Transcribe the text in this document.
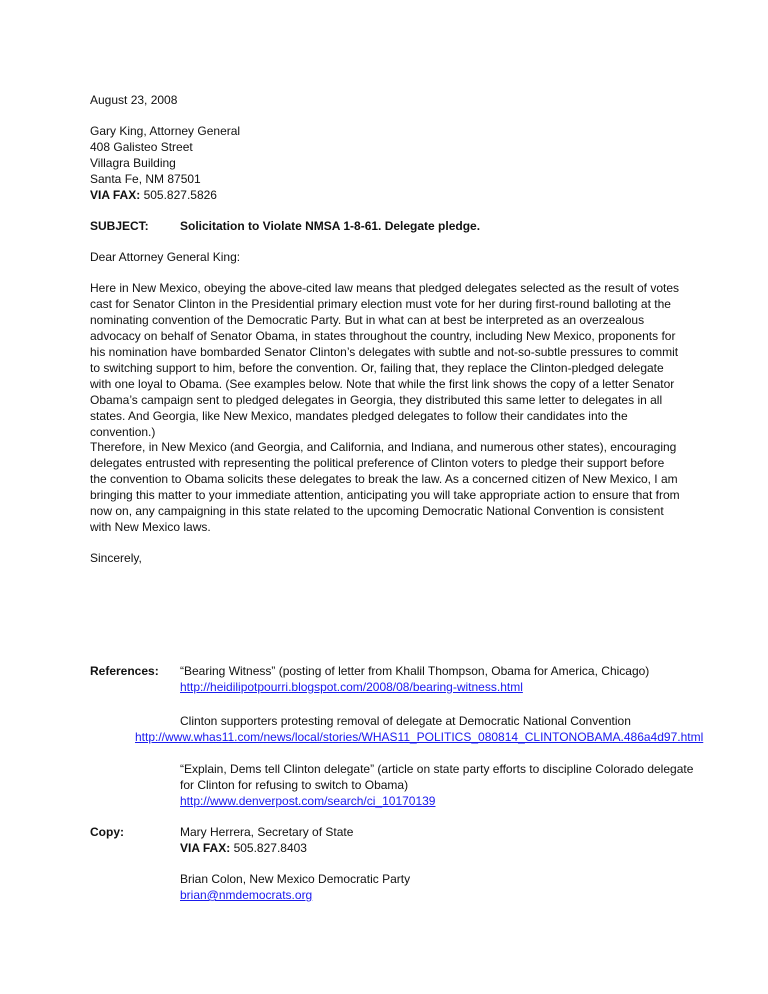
August 23, 2008
Gary King, Attorney General
408 Galisteo Street
Villagra Building
Santa Fe, NM 87501
VIA FAX: 505.827.5826
SUBJECT:	Solicitation to Violate NMSA 1-8-61. Delegate pledge.
Dear Attorney General King:
Here in New Mexico, obeying the above-cited law means that pledged delegates selected as the result of votes cast for Senator Clinton in the Presidential primary election must vote for her during first-round balloting at the nominating convention of the Democratic Party. But in what can at best be interpreted as an overzealous advocacy on behalf of Senator Obama, in states throughout the country, including New Mexico, proponents for his nomination have bombarded Senator Clinton’s delegates with subtle and not-so-subtle pressures to commit to switching support to him, before the convention. Or, failing that, they replace the Clinton-pledged delegate with one loyal to Obama. (See examples below. Note that while the first link shows the copy of a letter Senator Obama’s campaign sent to pledged delegates in Georgia, they distributed this same letter to delegates in all states. And Georgia, like New Mexico, mandates pledged delegates to follow their candidates into the convention.)
Therefore, in New Mexico (and Georgia, and California, and Indiana, and numerous other states), encouraging delegates entrusted with representing the political preference of Clinton voters to pledge their support before the convention to Obama solicits these delegates to break the law. As a concerned citizen of New Mexico, I am bringing this matter to your immediate attention, anticipating you will take appropriate action to ensure that from now on, any campaigning in this state related to the upcoming Democratic National Convention is consistent with New Mexico laws.
Sincerely,
References: “Bearing Witness” (posting of letter from Khalil Thompson, Obama for America, Chicago)
http://heidilipotpourri.blogspot.com/2008/08/bearing-witness.html
Clinton supporters protesting removal of delegate at Democratic National Convention
http://www.whas11.com/news/local/stories/WHAS11_POLITICS_080814_CLINTONOBAMA.486a4d97.html
“Explain, Dems tell Clinton delegate” (article on state party efforts to discipline Colorado delegate
for Clinton for refusing to switch to Obama)
http://www.denverpost.com/search/ci_10170139
Copy:	Mary Herrera, Secretary of State
VIA FAX: 505.827.8403
Brian Colon, New Mexico Democratic Party
brian@nmdemocrats.org
